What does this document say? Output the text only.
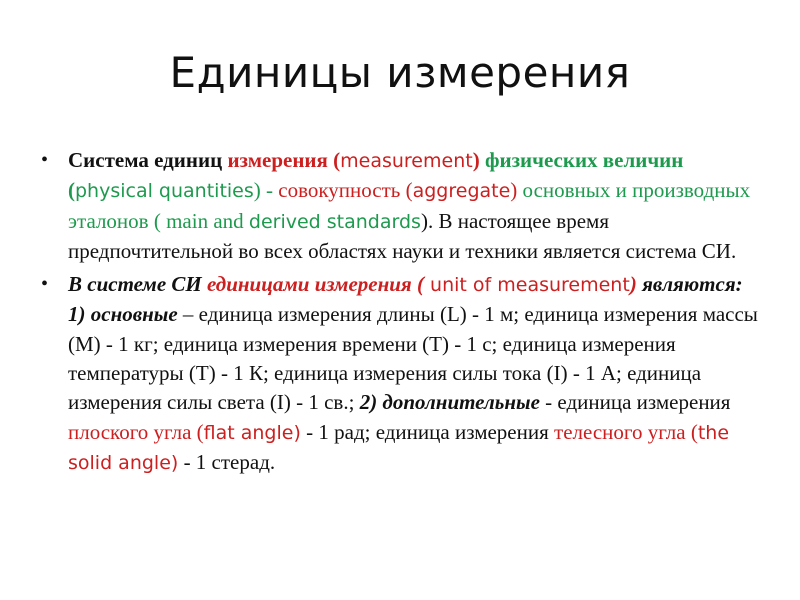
Единицы измерения
• Система единиц измерения (measurement) физических величин (physical quantities) - совокупность (aggregate) основных и производных эталонов ( main and derived standards). В настоящее время предпочтительной во всех областях науки и техники является система СИ.
• В системе СИ единицами измерения ( unit of measurement) являются: 1) основные – единица измерения длины (L) - 1 м; единица измерения массы (M) - 1 кг; единица измерения времени (T) - 1 с; единица измерения температуры (T) - 1 К; единица измерения силы тока (I) - 1 А; единица измерения силы света (I) - 1 св.; 2) дополнительные - единица измерения плоского угла (flat angle) - 1 рад; единица измерения телесного угла (the solid angle) - 1 стерад.
